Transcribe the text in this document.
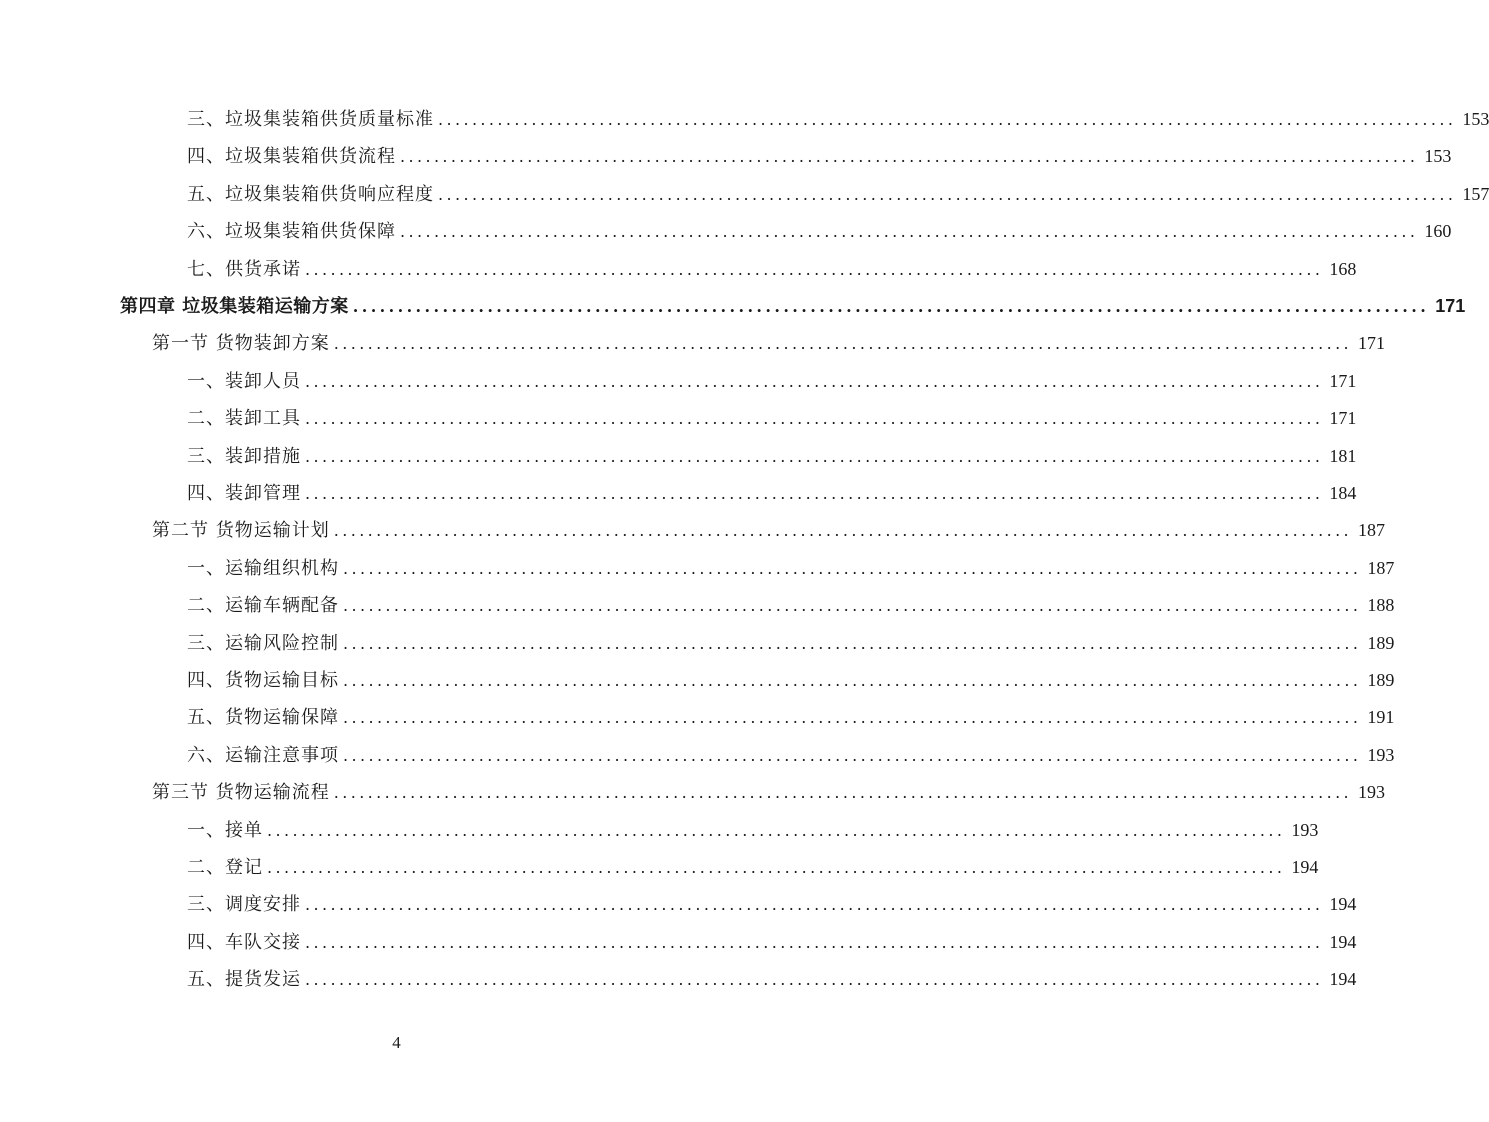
三、垃圾集装箱供货质量标准 ........................................................................................................................ 153
四、垃圾集装箱供货流程 ........................................................................................................................ 153
五、垃圾集装箱供货响应程度 ........................................................................................................................ 157
六、垃圾集装箱供货保障 ........................................................................................................................ 160
七、供货承诺 ........................................................................................................................ 168
第四章 垃圾集装箱运输方案 ........................................................................................................................ 171
第一节 货物装卸方案 ........................................................................................................................ 171
一、装卸人员 ........................................................................................................................ 171
二、装卸工具 ........................................................................................................................ 171
三、装卸措施 ........................................................................................................................ 181
四、装卸管理 ........................................................................................................................ 184
第二节 货物运输计划 ........................................................................................................................ 187
一、运输组织机构 ........................................................................................................................ 187
二、运输车辆配备 ........................................................................................................................ 188
三、运输风险控制 ........................................................................................................................ 189
四、货物运输目标 ........................................................................................................................ 189
五、货物运输保障 ........................................................................................................................ 191
六、运输注意事项 ........................................................................................................................ 193
第三节 货物运输流程 ........................................................................................................................ 193
一、接单 ........................................................................................................................ 193
二、登记 ........................................................................................................................ 194
三、调度安排 ........................................................................................................................ 194
四、车队交接 ........................................................................................................................ 194
五、提货发运 ........................................................................................................................ 194
4
